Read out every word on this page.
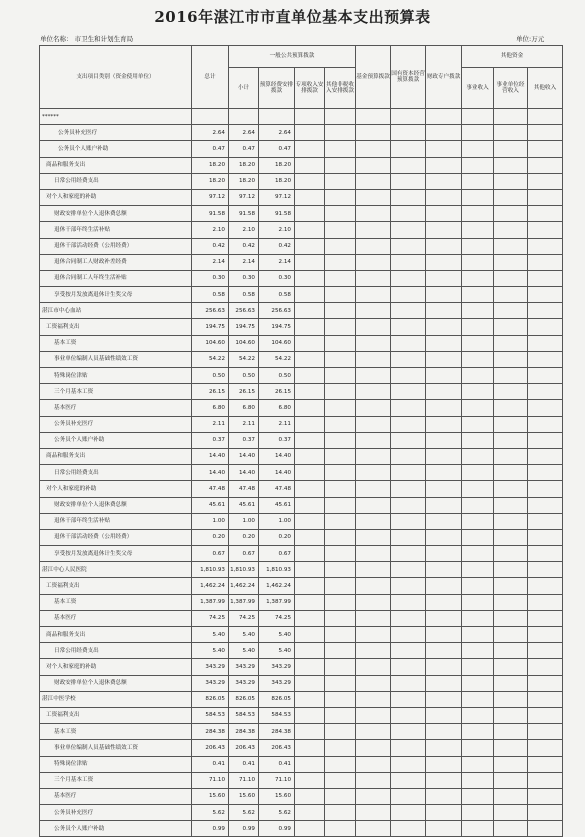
2016年湛江市市直单位基本支出预算表
单位名称： 市卫生和计划生育局	单位:万元
支出项目类别（资金使用单位）	总计	一般公共预算拨款				基金预算拨款	国有资本经营预算拨款	财政专户拨款	其他资金		
		小计	预算经费安排拨款	专项收入安排拨款	其他非税收入安排拨款				事业收入	事业单位经营收入	其他收入
******											
公务员补充医疗	2.64	2.64	2.64								
公务员个人账户补助	0.47	0.47	0.47								
商品和服务支出	18.20	18.20	18.20								
日常公用经费支出	18.20	18.20	18.20								
对个人和家庭的补助	97.12	97.12	97.12								
财政安排单位个人退休费总额	91.58	91.58	91.58								
退休干部年终生活补贴	2.10	2.10	2.10								
退休干部活动经费（公用经费）	0.42	0.42	0.42								
退休合同制工人财政补差经费	2.14	2.14	2.14								
退休合同制工人年终生活补贴	0.30	0.30	0.30								
享受按月发放离退休计生奖父母	0.58	0.58	0.58								
湛江市中心血站	256.63	256.63	256.63								
工资福利支出	194.75	194.75	194.75								
基本工资	104.60	104.60	104.60								
事业单位编制人员基础性绩效工资	54.22	54.22	54.22								
特殊岗位津贴	0.50	0.50	0.50								
三个月基本工资	26.15	26.15	26.15								
基本医疗	6.80	6.80	6.80								
公务员补充医疗	2.11	2.11	2.11								
公务员个人账户补助	0.37	0.37	0.37								
商品和服务支出	14.40	14.40	14.40								
日常公用经费支出	14.40	14.40	14.40								
对个人和家庭的补助	47.48	47.48	47.48								
财政安排单位个人退休费总额	45.61	45.61	45.61								
退休干部年终生活补贴	1.00	1.00	1.00								
退休干部活动经费（公用经费）	0.20	0.20	0.20								
享受按月发放离退休计生奖父母	0.67	0.67	0.67								
湛江中心人民医院	1,810.93	1,810.93	1,810.93								
工资福利支出	1,462.24	1,462.24	1,462.24								
基本工资	1,387.99	1,387.99	1,387.99								
基本医疗	74.25	74.25	74.25								
商品和服务支出	5.40	5.40	5.40								
日常公用经费支出	5.40	5.40	5.40								
对个人和家庭的补助	343.29	343.29	343.29								
财政安排单位个人退休费总额	343.29	343.29	343.29								
湛江中医学校	826.05	826.05	826.05								
工资福利支出	584.53	584.53	584.53								
基本工资	284.38	284.38	284.38								
事业单位编制人员基础性绩效工资	206.43	206.43	206.43								
特殊岗位津贴	0.41	0.41	0.41								
三个月基本工资	71.10	71.10	71.10								
基本医疗	15.60	15.60	15.60								
公务员补充医疗	5.62	5.62	5.62								
公务员个人账户补助	0.99	0.99	0.99								
